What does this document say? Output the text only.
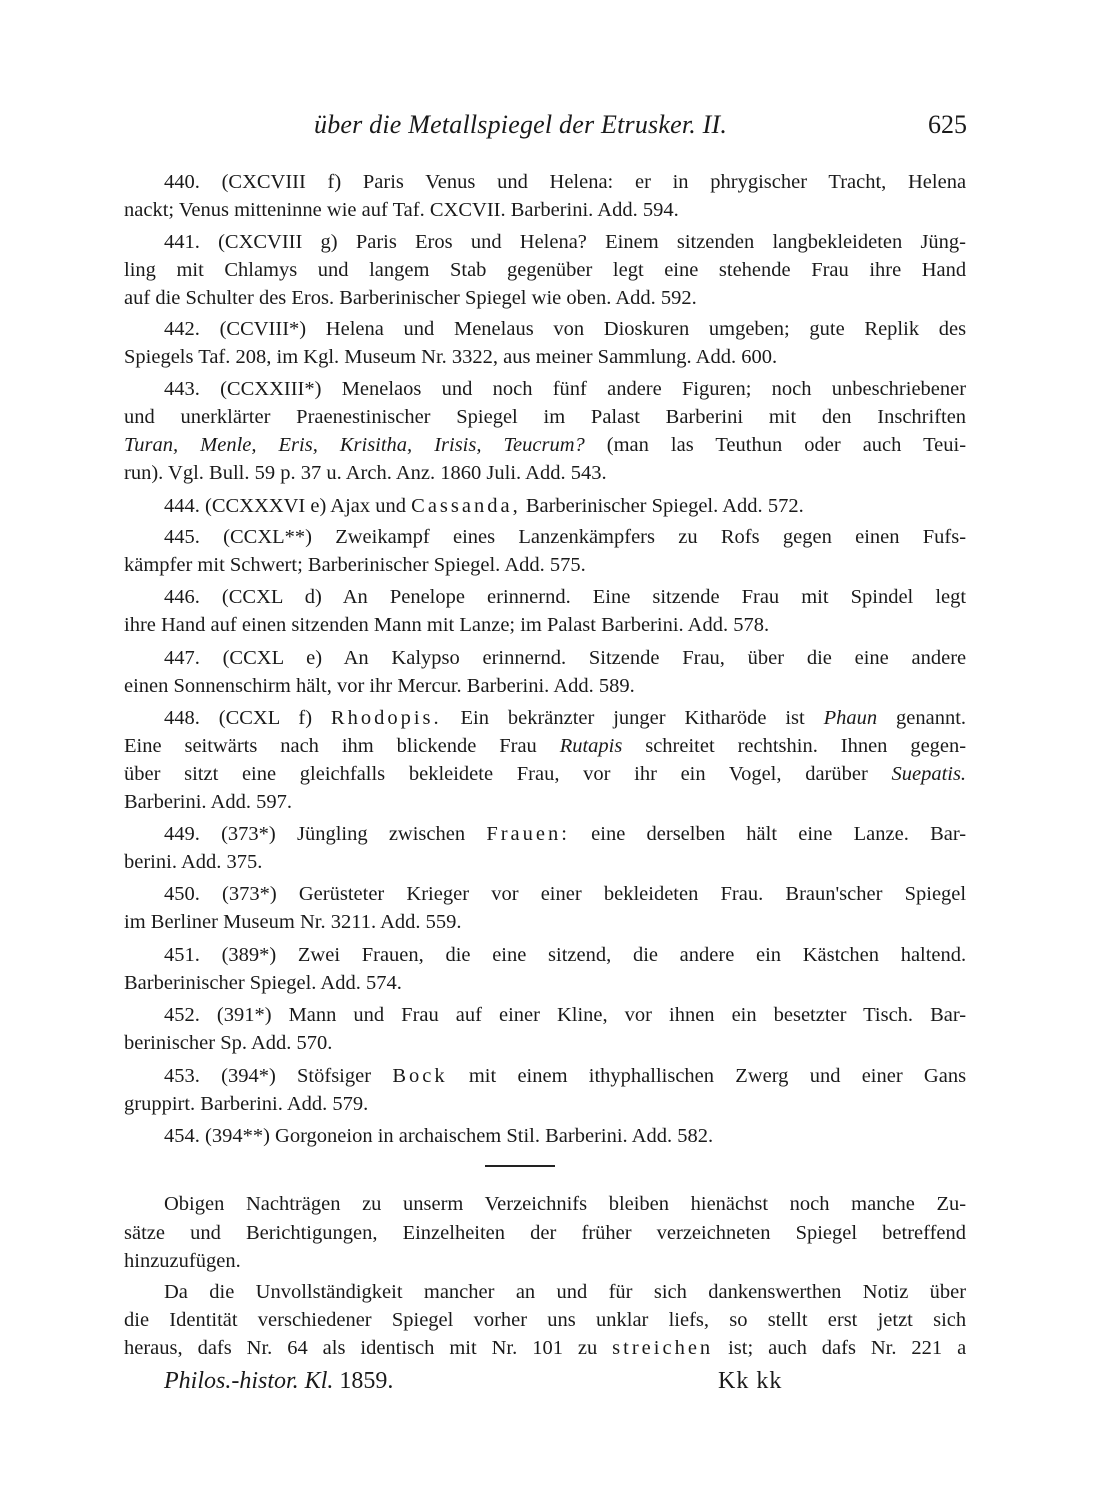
über die Metallspiegel der Etrusker. II.	625
440. (CXCVIII f) Paris Venus und Helena: er in phrygischer Tracht, Helena
nackt; Venus mitteninne wie auf Taf. CXCVII. Barberini. Add. 594.
441. (CXCVIII g) Paris Eros und Helena? Einem sitzenden langbekleideten Jüng-
ling mit Chlamys und langem Stab gegenüber legt eine stehende Frau ihre Hand
auf die Schulter des Eros. Barberinischer Spiegel wie oben. Add. 592.
442. (CCVIII*) Helena und Menelaus von Dioskuren umgeben; gute Replik des
Spiegels Taf. 208, im Kgl. Museum Nr. 3322, aus meiner Sammlung. Add. 600.
443. (CCXXIII*) Menelaos und noch fünf andere Figuren; noch unbeschriebener
und unerklärter Praenestinischer Spiegel im Palast Barberini mit den Inschriften
Turan, Menle, Eris, Krisitha, Irisis, Teucrum? (man las Teuthun oder auch Teui-
run). Vgl. Bull. 59 p. 37 u. Arch. Anz. 1860 Juli. Add. 543.
444. (CCXXXVI e) Ajax und Cassanda, Barberinischer Spiegel. Add. 572.
445. (CCXL**) Zweikampf eines Lanzenkämpfers zu Rofs gegen einen Fufs-
kämpfer mit Schwert; Barberinischer Spiegel. Add. 575.
446. (CCXL d) An Penelope erinnernd. Eine sitzende Frau mit Spindel legt
ihre Hand auf einen sitzenden Mann mit Lanze; im Palast Barberini. Add. 578.
447. (CCXL e) An Kalypso erinnernd. Sitzende Frau, über die eine andere
einen Sonnenschirm hält, vor ihr Mercur. Barberini. Add. 589.
448. (CCXL f) Rhodopis. Ein bekränzter junger Kitharöde ist Phaun genannt.
Eine seitwärts nach ihm blickende Frau Rutapis schreitet rechtshin. Ihnen gegen-
über sitzt eine gleichfalls bekleidete Frau, vor ihr ein Vogel, darüber Suepatis.
Barberini. Add. 597.
449. (373*) Jüngling zwischen Frauen: eine derselben hält eine Lanze. Bar-
berini. Add. 375.
450. (373*) Gerüsteter Krieger vor einer bekleideten Frau. Braun'scher Spiegel
im Berliner Museum Nr. 3211. Add. 559.
451. (389*) Zwei Frauen, die eine sitzend, die andere ein Kästchen haltend.
Barberinischer Spiegel. Add. 574.
452. (391*) Mann und Frau auf einer Kline, vor ihnen ein besetzter Tisch. Bar-
berinischer Sp. Add. 570.
453. (394*) Stöfsiger Bock mit einem ithyphallischen Zwerg und einer Gans
gruppirt. Barberini. Add. 579.
454. (394**) Gorgoneion in archaischem Stil. Barberini. Add. 582.
Obigen Nachträgen zu unserm Verzeichnifs bleiben hienächst noch manche Zu-
sätze und Berichtigungen, Einzelheiten der früher verzeichneten Spiegel betreffend
hinzuzufügen.
Da die Unvollständigkeit mancher an und für sich dankenswerthen Notiz über
die Identität verschiedener Spiegel vorher uns unklar liefs, so stellt erst jetzt sich
heraus, dafs Nr. 64 als identisch mit Nr. 101 zu streichen ist; auch dafs Nr. 221 a
Philos.-histor. Kl. 1859.	Kk kk
